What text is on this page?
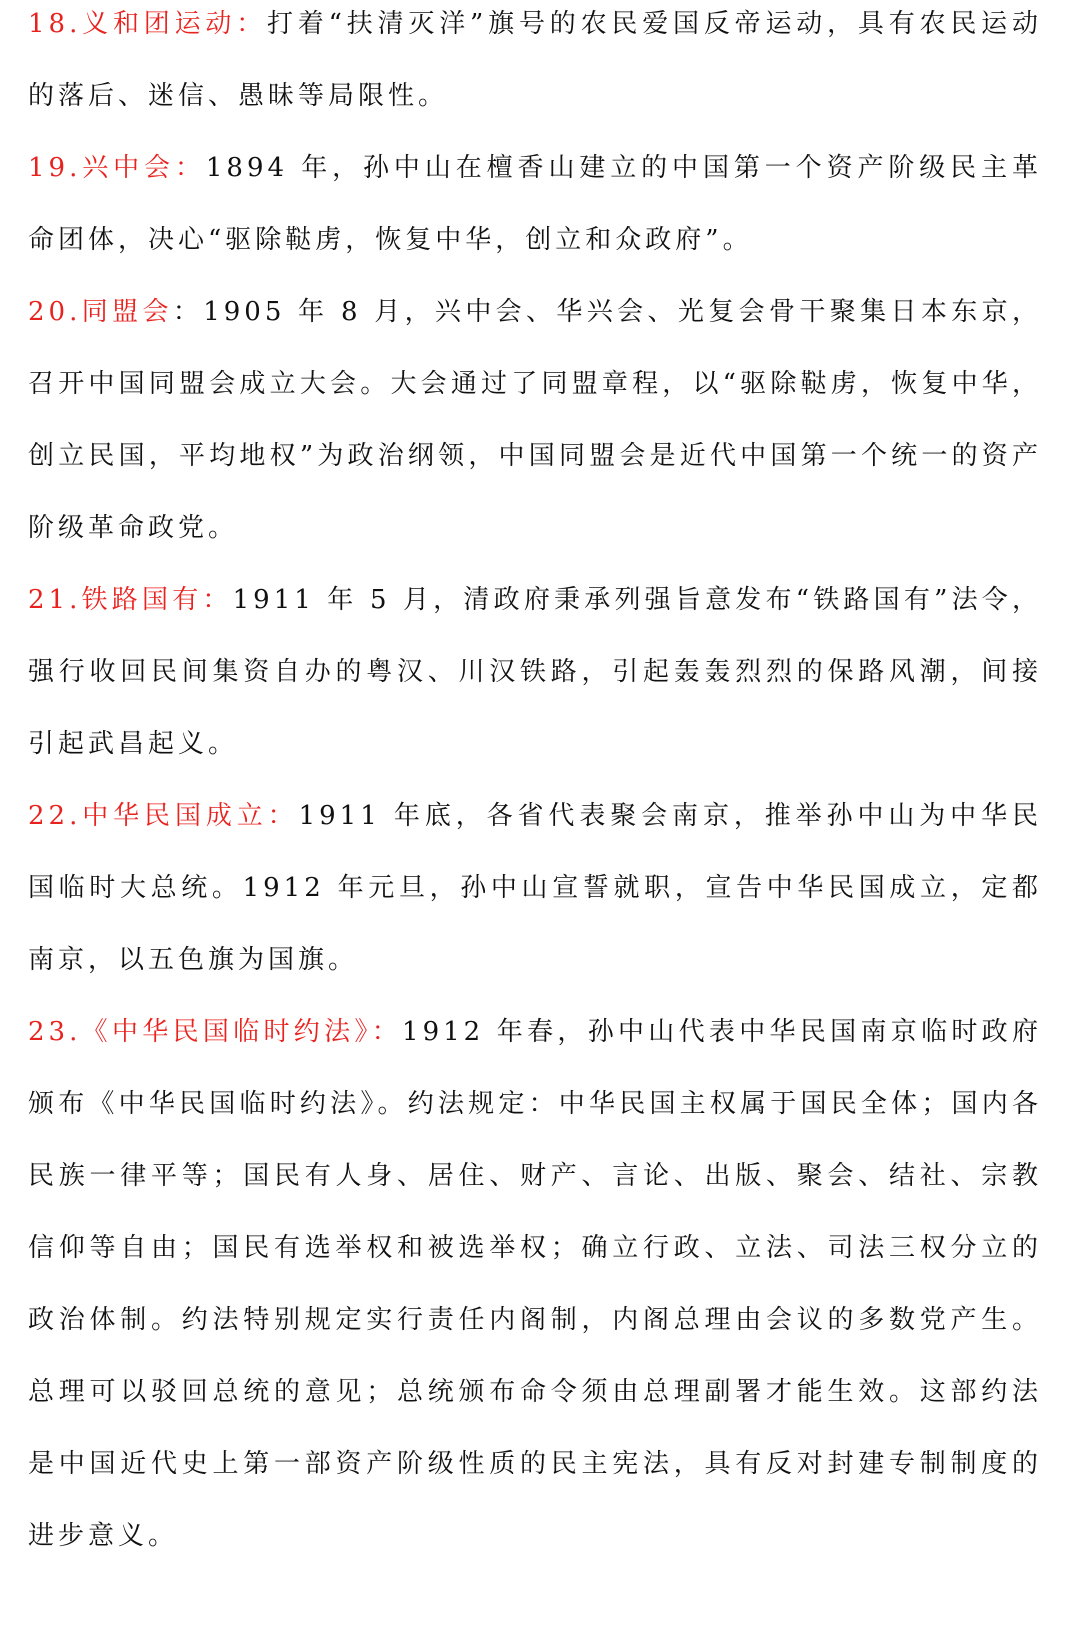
18.义和团运动：打着“扶清灭洋”旗号的农民爱国反帝运动，具有农民运动的落后、迷信、愚昧等局限性。

19.兴中会：1894 年，孙中山在檀香山建立的中国第一个资产阶级民主革命团体，决心“驱除鞑虏，恢复中华，创立和众政府”。

20.同盟会：1905 年 8 月，兴中会、华兴会、光复会骨干聚集日本东京，召开中国同盟会成立大会。大会通过了同盟章程，以“驱除鞑虏，恢复中华，创立民国，平均地权”为政治纲领，中国同盟会是近代中国第一个统一的资产阶级革命政党。

21.铁路国有：1911 年 5 月，清政府秉承列强旨意发布“铁路国有”法令，强行收回民间集资自办的粤汉、川汉铁路，引起轰轰烈烈的保路风潮，间接引起武昌起义。

22.中华民国成立：1911 年底，各省代表聚会南京，推举孙中山为中华民国临时大总统。1912 年元旦，孙中山宣誓就职，宣告中华民国成立，定都南京，以五色旗为国旗。

23.《中华民国临时约法》：1912 年春，孙中山代表中华民国南京临时政府颁布《中华民国临时约法》。约法规定：中华民国主权属于国民全体；国内各民族一律平等；国民有人身、居住、财产、言论、出版、聚会、结社、宗教信仰等自由；国民有选举权和被选举权；确立行政、立法、司法三权分立的政治体制。约法特别规定实行责任内阁制，内阁总理由会议的多数党产生。总理可以驳回总统的意见；总统颁布命令须由总理副署才能生效。这部约法是中国近代史上第一部资产阶级性质的民主宪法，具有反对封建专制制度的进步意义。
